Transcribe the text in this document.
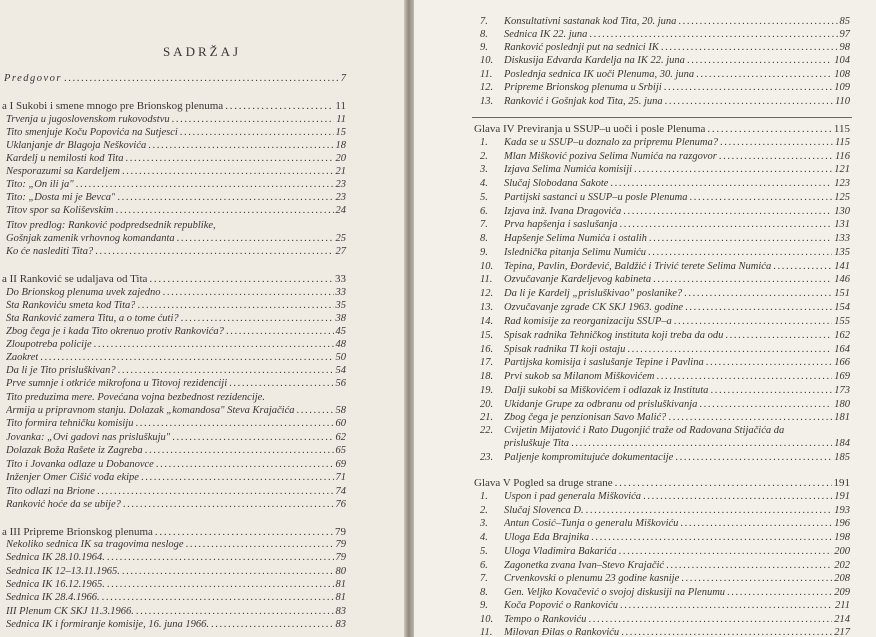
SADRŽAJ
Predgovor . . .	7
a I Sukobi i smene mnogo pre Brionskog plenuma . . .	11
Trvenja u jugoslovenskom rukovodstvu . . .	11
Tito smenjuje Koču Popovića na Sutjesci . . .	15
Uklanjanje dr Blagoja Neškovića . . .	18
Kardelj u nemilosti kod Tita . . .	20
Nesporazumi sa Kardeljem . . .	21
Tito: „On ili ja" . . .	23
Tito: „Dosta mi je Bevca" . . .	23
Titov spor sa Koliševskim . . .	24
Titov predlog: Ranković podpredsednik republike,
Gošnjak zamenik vrhovnog komandanta . . .	25
Ko će naslediti Tita? . . .	27
a II Ranković se udaljava od Tita . . .	33
Do Brionskog plenuma uvek zajedno . . .	33
Šta Rankoviću smeta kod Tita? . . .	35
Šta Ranković zamera Titu, a o tome ćuti? . . .	38
Zbog čega je i kada Tito okrenuo protiv Rankovića? . . .	45
Zloupotreba policije . . .	48
Zaokret . . .	50
Da li je Tito prisluškivan? . . .	54
Prve sumnje i otkriće mikrofona u Titovoj rezidenciji . . .	56
Tito preduzima mere. Povećana vojna bezbednost rezidencije.
Armija u pripravnom stanju. Dolazak „komandosa" Steva Krajačića . . .	58
Tito formira tehničku komisiju . . .	60
Jovanka: „Ovi gadovi nas prisluškuju" . . .	62
Dolazak Boža Rašete iz Zagreba . . .	65
Tito i Jovanka odlaze u Dobanovce . . .	69
Inženjer Omer Ćišić vođa ekipe . . .	71
Tito odlazi na Brione . . .	74
Ranković hoće da se ubije? . . .	76
a III Pripreme Brionskog plenuma . . .	79
Nekoliko sednica IK sa tragovima nesloge . . .	79
Sednica IK 28.10.1964. . . .	79
Sednica IK 12–13.11.1965. . . .	80
Sednica IK 16.12.1965. . . .	81
Sednica IK 28.4.1966. . . .	81
III Plenum CK SKJ 11.3.1966. . . .	83
Sednica IK i formiranje komisije, 16. juna 1966. . . .	83
7.	Konsultativni sastanak kod Tita, 20. juna . . .	85
8.	Sednica IK 22. juna . . .	97
9.	Ranković poslednji put na sednici IK . . .	98
10.	Diskusija Edvarda Kardelja na IK 22. juna . . .	104
11.	Poslednja sednica IK uoči Plenuma, 30. juna . . .	108
12.	Pripreme Brionskog plenuma u Srbiji . . .	109
13.	Ranković i Gošnjak kod Tita, 25. juna . . .	110
Glava IV Previranja u SSUP–u uoči i posle Plenuma . . .	115
1.	Kada se u SSUP–u doznalo za pripremu Plenuma? . . .	115
2.	Mlan Mišković poziva Selima Numića na razgovor . . .	116
3.	Izjava Selima Numića komisiji . . .	121
4.	Slučaj Slobodana Šakote . . .	123
5.	Partijski sastanci u SSUP–u posle Plenuma . . .	125
6.	Izjava inž. Ivana Dragovića . . .	130
7.	Prva hapšenja i saslušanja . . .	131
8.	Hapšenje Selima Numića i ostalih . . .	133
9.	Islednička pitanja Selimu Numiću . . .	135
10.	Tepina, Pavlin, Đorđević, Baldžić i Trivić terete Selima Numića . . .	141
11.	Ozvučavanje Kardeljevog kabineta . . .	146
12.	Da li je Kardelj „prisluškivao" poslanike? . . .	151
13.	Ozvučavanje zgrade CK SKJ 1963. godine . . .	154
14.	Rad komisije za reorganizaciju SSUP–a . . .	155
15.	Spisak radnika Tehničkog instituta koji treba da odu . . .	162
16.	Spisak radnika TI koji ostaju . . .	164
17.	Partijska komisija i saslušanje Tepine i Pavlina . . .	166
18.	Prvi sukob sa Milanom Miškovićem . . .	169
19.	Dalji sukobi sa Miškovićem i odlazak iz Instituta . . .	173
20.	Ukidanje Grupe za odbranu od prisluškivanja . . .	180
21.	Zbog čega je penzionisan Savo Malić? . . .	181
22.	Cvijetin Mijatović i Rato Dugonjić traže od Radovana Stijačića da
prisluškuje Tita . . .	184
23.	Paljenje kompromitujuće dokumentacije . . .	185
Glava V Pogled sa druge strane . . .	191
1.	Uspon i pad generala Miškovića . . .	191
2.	Slučaj Slovenca D. . . .	193
3.	Antun Ćosić–Tunja o generalu Miškoviću . . .	196
4.	Uloga Eda Brajnika . . .	198
5.	Uloga Vladimira Bakarića . . .	200
6.	Zagonetka zvana Ivan–Stevo Krajačić . . .	202
7.	Crvenkovski o plenumu 23 godine kasnije . . .	208
8.	Gen. Veljko Kovačević o svojoj diskusiji na Plenumu . . .	209
9.	Koča Popović o Rankoviću . . .	211
10.	Tempo o Rankoviću . . .	214
11.	Milovan Đilas o Rankoviću . . .	217
